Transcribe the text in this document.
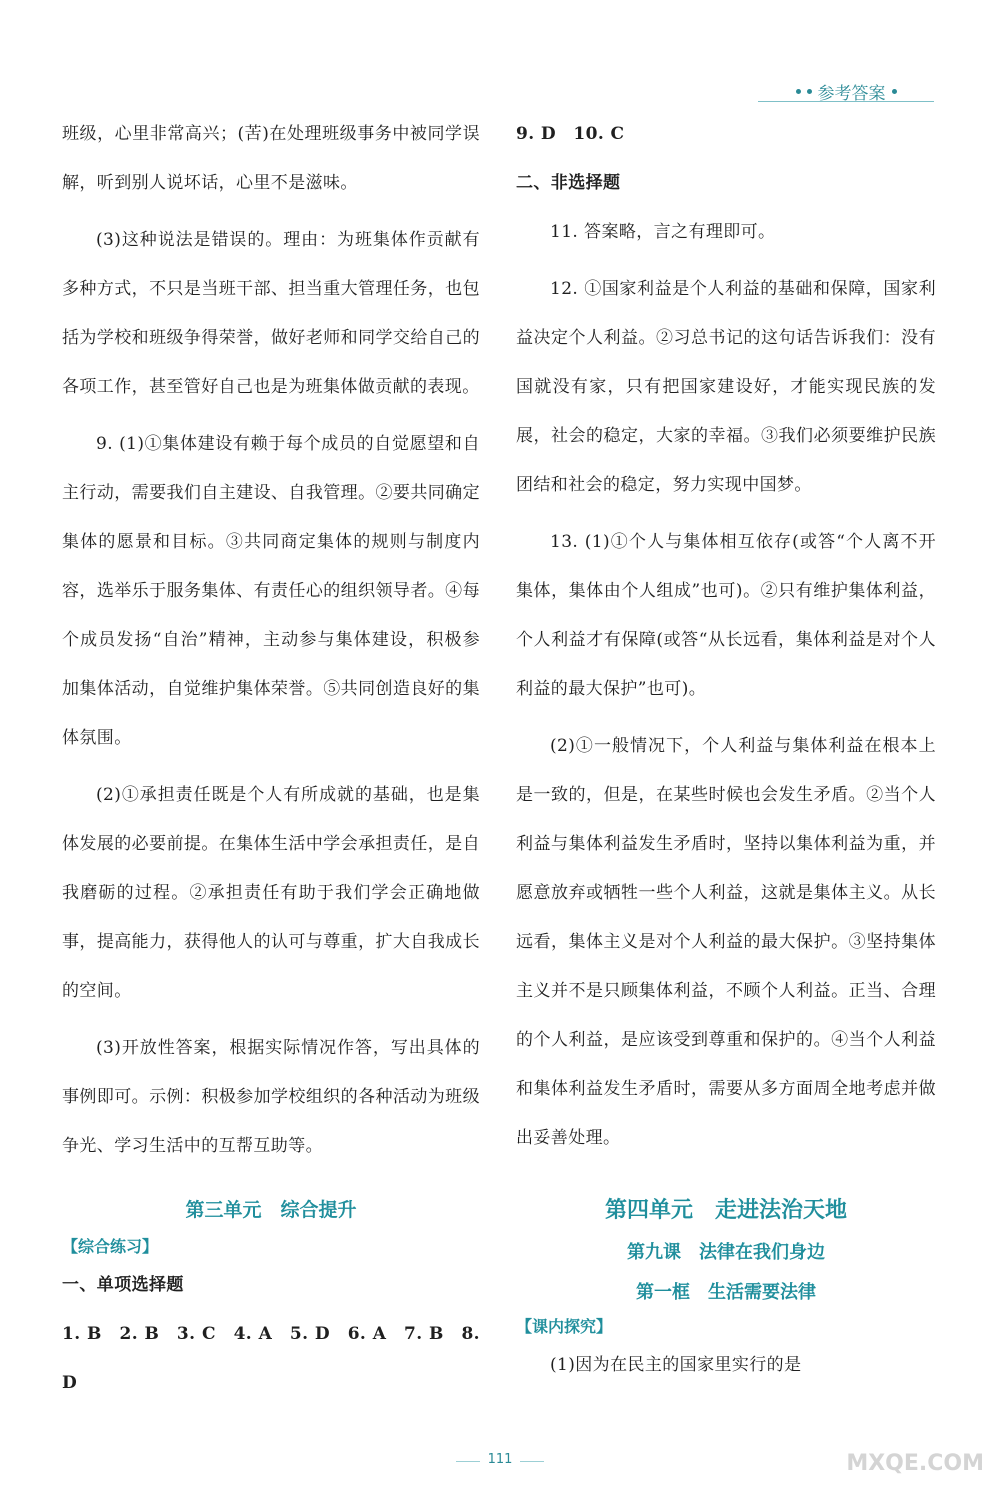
参考答案

班级，心里非常高兴；(苦)在处理班级事务中被同学误解，听到别人说坏话，心里不是滋味。

(3)这种说法是错误的。理由：为班集体作贡献有多种方式，不只是当班干部、担当重大管理任务，也包括为学校和班级争得荣誉，做好老师和同学交给自己的各项工作，甚至管好自己也是为班集体做贡献的表现。

9. (1)①集体建设有赖于每个成员的自觉愿望和自主行动，需要我们自主建设、自我管理。②要共同确定集体的愿景和目标。③共同商定集体的规则与制度内容，选举乐于服务集体、有责任心的组织领导者。④每个成员发扬“自治”精神，主动参与集体建设，积极参加集体活动，自觉维护集体荣誉。⑤共同创造良好的集体氛围。

(2)①承担责任既是个人有所成就的基础，也是集体发展的必要前提。在集体生活中学会承担责任，是自我磨砺的过程。②承担责任有助于我们学会正确地做事，提高能力，获得他人的认可与尊重，扩大自我成长的空间。

(3)开放性答案，根据实际情况作答，写出具体的事例即可。示例：积极参加学校组织的各种活动为班级争光、学习生活中的互帮互助等。

第三单元　综合提升
【综合练习】

一、单项选择题

1. B　2. B　3. C　4. A　5. D　6. A　7. B　8. D

9. D　10. C

二、非选择题

11. 答案略，言之有理即可。

12. ①国家利益是个人利益的基础和保障，国家利益决定个人利益。②习总书记的这句话告诉我们：没有国就没有家，只有把国家建设好，才能实现民族的发展，社会的稳定，大家的幸福。③我们必须要维护民族团结和社会的稳定，努力实现中国梦。

13. (1)①个人与集体相互依存(或答“个人离不开集体，集体由个人组成”也可)。②只有维护集体利益，个人利益才有保障(或答“从长远看，集体利益是对个人利益的最大保护”也可)。

(2)①一般情况下，个人利益与集体利益在根本上是一致的，但是，在某些时候也会发生矛盾。②当个人利益与集体利益发生矛盾时，坚持以集体利益为重，并愿意放弃或牺牲一些个人利益，这就是集体主义。从长远看，集体主义是对个人利益的最大保护。③坚持集体主义并不是只顾集体利益，不顾个人利益。正当、合理的个人利益，是应该受到尊重和保护的。④当个人利益和集体利益发生矛盾时，需要从多方面周全地考虑并做出妥善处理。

第四单元　走进法治天地
第九课　法律在我们身边
第一框　生活需要法律
【课内探究】

(1)因为在民主的国家里实行的是

111	MXQE.COM
